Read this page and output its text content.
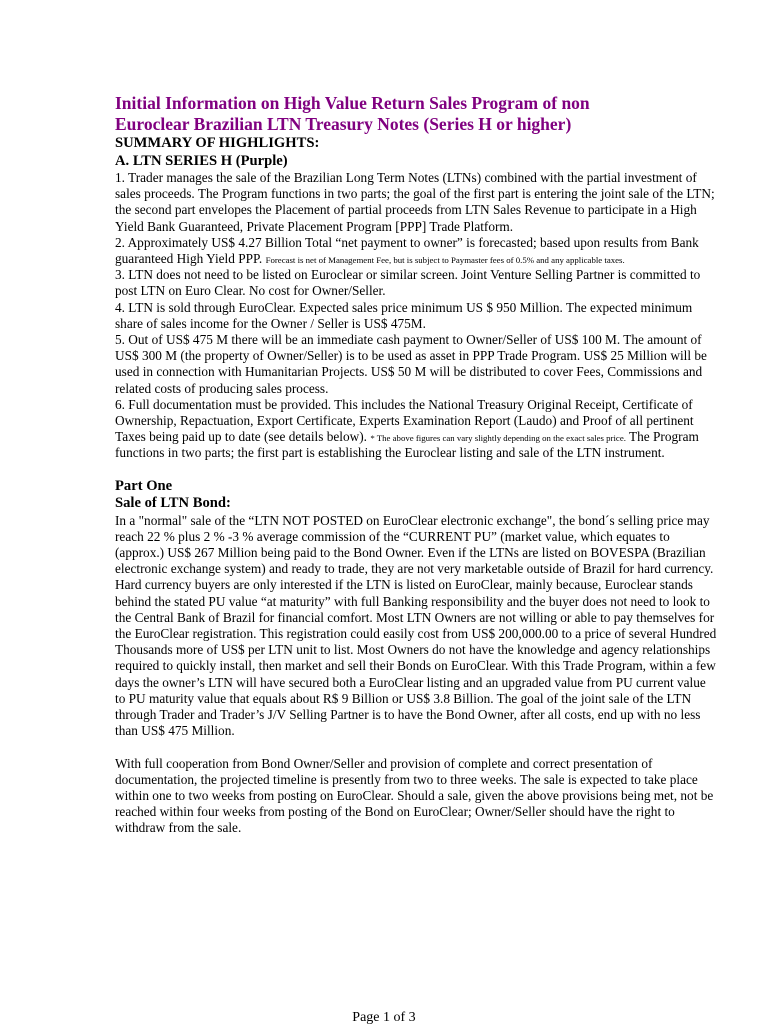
Initial Information on High Value Return Sales Program of non
Euroclear Brazilian LTN Treasury Notes (Series H or higher)
SUMMARY OF HIGHLIGHTS:
A. LTN SERIES H (Purple)

1. Trader manages the sale of the Brazilian Long Term Notes (LTNs) combined with the partial investment of sales proceeds. The Program functions in two parts; the goal of the first part is entering the joint sale of the LTN; the second part envelopes the Placement of partial proceeds from LTN Sales Revenue to participate in a High Yield Bank Guaranteed, Private Placement Program [PPP] Trade Platform.

2. Approximately US$ 4.27 Billion Total “net payment to owner” is forecasted; based upon results from Bank guaranteed High Yield PPP. Forecast is net of Management Fee, but is subject to Paymaster fees of 0.5% and any applicable taxes.

3. LTN does not need to be listed on Euroclear or similar screen. Joint Venture Selling Partner is committed to post LTN on Euro Clear. No cost for Owner/Seller.

4. LTN is sold through EuroClear. Expected sales price minimum US $ 950 Million. The expected minimum share of sales income for the Owner / Seller is US$ 475M.

5. Out of US$ 475 M there will be an immediate cash payment to Owner/Seller of US$ 100 M. The amount of US$ 300 M (the property of Owner/Seller) is to be used as asset in PPP Trade Program. US$ 25 Million will be used in connection with Humanitarian Projects. US$ 50 M will be distributed to cover Fees, Commissions and related costs of producing sales process.

6. Full documentation must be provided. This includes the National Treasury Original Receipt, Certificate of Ownership, Repactuation, Export Certificate, Experts Examination Report (Laudo) and Proof of all pertinent Taxes being paid up to date (see details below). * The above figures can vary slightly depending on the exact sales price. The Program functions in two parts; the first part is establishing the Euroclear listing and sale of the LTN instrument.

Part One
Sale of LTN Bond:

In a "normal" sale of the “LTN NOT POSTED on EuroClear electronic exchange", the bond´s selling price may reach 22 % plus 2 % -3 % average commission of the “CURRENT PU” (market value, which equates to (approx.) US$ 267 Million being paid to the Bond Owner. Even if the LTNs are listed on BOVESPA (Brazilian electronic exchange system) and ready to trade, they are not very marketable outside of Brazil for hard currency. Hard currency buyers are only interested if the LTN is listed on EuroClear, mainly because, Euroclear stands behind the stated PU value “at maturity” with full Banking responsibility and the buyer does not need to look to the Central Bank of Brazil for financial comfort. Most LTN Owners are not willing or able to pay themselves for the EuroClear registration. This registration could easily cost from US$ 200,000.00 to a price of several Hundred Thousands more of US$ per LTN unit to list. Most Owners do not have the knowledge and agency relationships required to quickly install, then market and sell their Bonds on EuroClear. With this Trade Program, within a few days the owner’s LTN will have secured both a EuroClear listing and an upgraded value from PU current value to PU maturity value that equals about R$ 9 Billion or US$ 3.8 Billion. The goal of the joint sale of the LTN through Trader and Trader’s J/V Selling Partner is to have the Bond Owner, after all costs, end up with no less than US$ 475 Million.

With full cooperation from Bond Owner/Seller and provision of complete and correct presentation of documentation, the projected timeline is presently from two to three weeks. The sale is expected to take place within one to two weeks from posting on EuroClear. Should a sale, given the above provisions being met, not be reached within four weeks from posting of the Bond on EuroClear; Owner/Seller should have the right to withdraw from the sale.

Page 1 of 3
